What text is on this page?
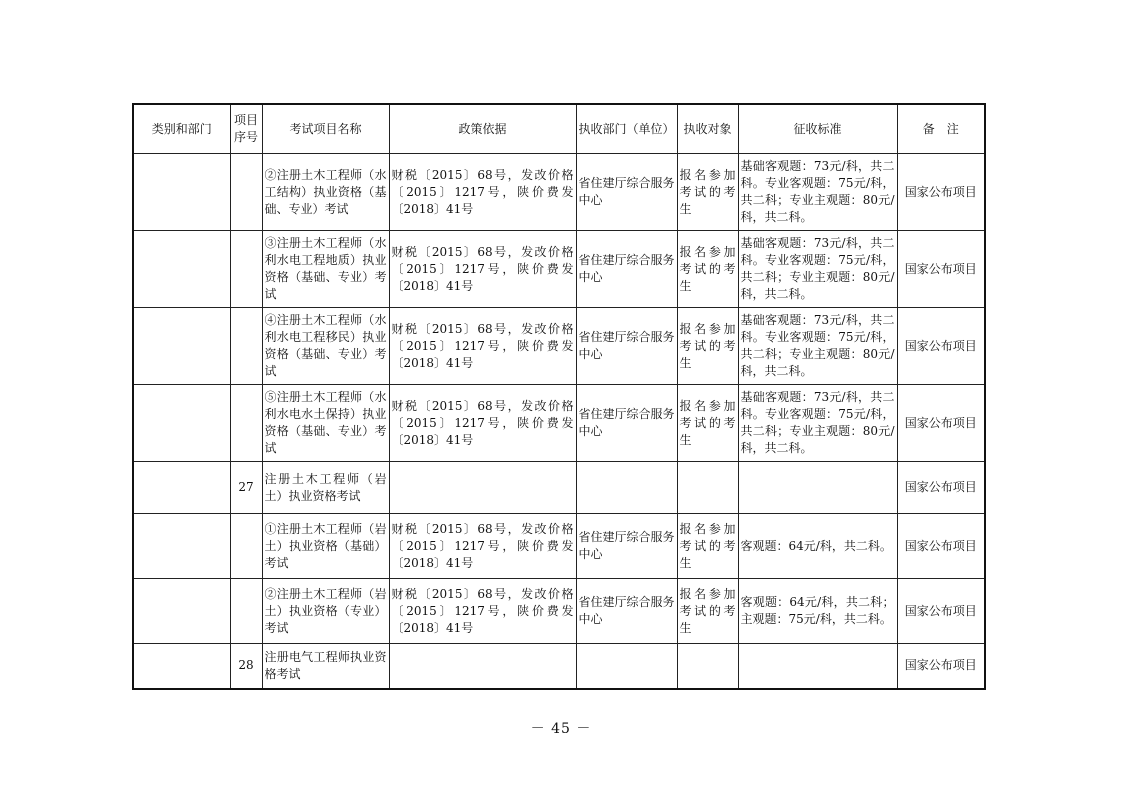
类别和部门	项目序号	考试项目名称	政策依据	执收部门（单位）	执收对象	征收标准	备　注
		②注册土木工程师（水工结构）执业资格（基础、专业）考试	财税〔2015〕68号，发改价格〔2015〕1217号，陕价费发〔2018〕41号	省住建厅综合服务中心	报名参加考试的考生	基础客观题：73元/科，共二科。专业客观题：75元/科，共二科；专业主观题：80元/科，共二科。	国家公布项目
		③注册土木工程师（水利水电工程地质）执业资格（基础、专业）考试	财税〔2015〕68号，发改价格〔2015〕1217号，陕价费发〔2018〕41号	省住建厅综合服务中心	报名参加考试的考生	基础客观题：73元/科，共二科。专业客观题：75元/科，共二科；专业主观题：80元/科，共二科。	国家公布项目
		④注册土木工程师（水利水电工程移民）执业资格（基础、专业）考试	财税〔2015〕68号，发改价格〔2015〕1217号，陕价费发〔2018〕41号	省住建厅综合服务中心	报名参加考试的考生	基础客观题：73元/科，共二科。专业客观题：75元/科，共二科；专业主观题：80元/科，共二科。	国家公布项目
		⑤注册土木工程师（水利水电水土保持）执业资格（基础、专业）考试	财税〔2015〕68号，发改价格〔2015〕1217号，陕价费发〔2018〕41号	省住建厅综合服务中心	报名参加考试的考生	基础客观题：73元/科，共二科。专业客观题：75元/科，共二科；专业主观题：80元/科，共二科。	国家公布项目
	27	注册土木工程师（岩土）执业资格考试					国家公布项目
		①注册土木工程师（岩土）执业资格（基础）考试	财税〔2015〕68号，发改价格〔2015〕1217号，陕价费发〔2018〕41号	省住建厅综合服务中心	报名参加考试的考生	客观题：64元/科，共二科。	国家公布项目
		②注册土木工程师（岩土）执业资格（专业）考试	财税〔2015〕68号，发改价格〔2015〕1217号，陕价费发〔2018〕41号	省住建厅综合服务中心	报名参加考试的考生	客观题：64元/科，共二科；主观题：75元/科，共二科。	国家公布项目
	28	注册电气工程师执业资格考试					国家公布项目
－ 45 －
